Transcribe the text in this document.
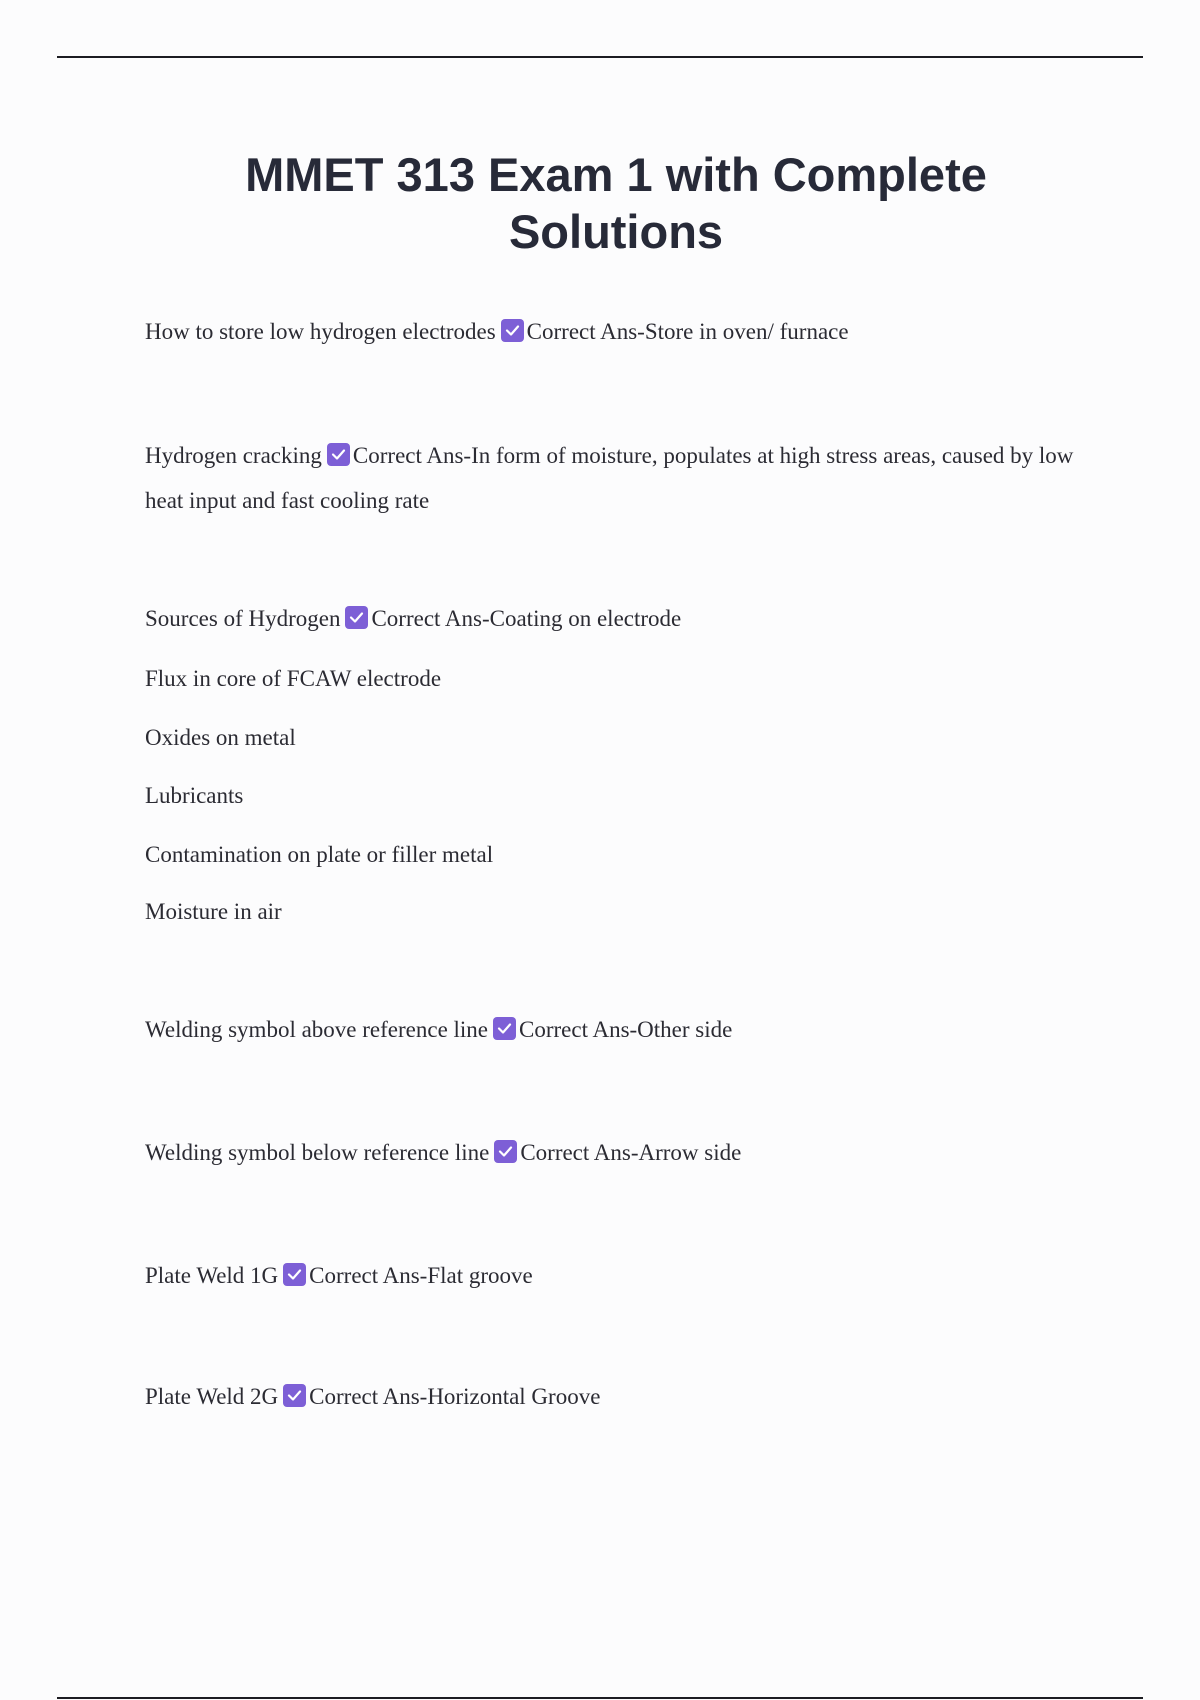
MMET 313 Exam 1 with Complete Solutions
How to store low hydrogen electrodes Correct Ans-Store in oven/ furnace
Hydrogen cracking Correct Ans-In form of moisture, populates at high stress areas, caused by low heat input and fast cooling rate
Sources of Hydrogen Correct Ans-Coating on electrode
Flux in core of FCAW electrode
Oxides on metal
Lubricants
Contamination on plate or filler metal
Moisture in air
Welding symbol above reference line Correct Ans-Other side
Welding symbol below reference line Correct Ans-Arrow side
Plate Weld 1G Correct Ans-Flat groove
Plate Weld 2G Correct Ans-Horizontal Groove
